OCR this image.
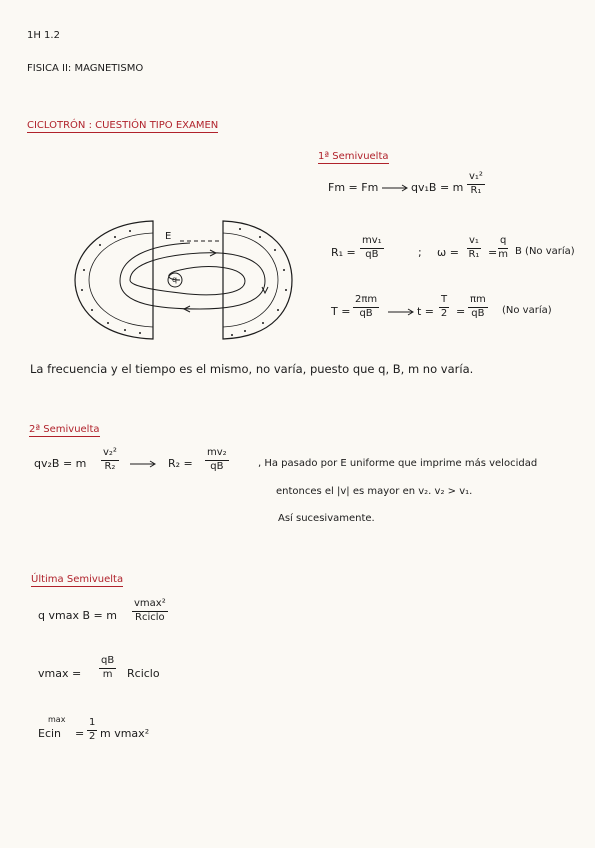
1H 1.2
FISICA II: MAGNETISMO
CICLOTRÓN : CUESTIÓN TIPO EXAMEN
1ª Semivuelta
Fm = Fm	qv₁B = m $\frac{\text{v₁²}}{\text{R₁}}$
$R_1 = \frac{\text{mv₁}}{qB}$	; $\omega = \frac{\text{v₁}}{\text{R₁}} = \frac{q}{m}$ B (No varía)
$T = \frac{2\pi m}{qB}$	$t = \frac{T}{2} = \frac{\pi m}{qB} (No$ varía)
E
q
La frecuencia y el tiempo es el mismo, no varía, puesto que q, B, m no varía.
2ª Semivuelta
qv₂B = m $\frac{\text{v₂²}}{\text{R₂}}$	$R_2 = \frac{\text{mv₂}}{qB}$	, Ha pasado por E uniforme que imprime más velocidad
entonces el |v| es mayor en v₂. v₂ > v₁.
Así sucesivamente.
Última Semivuelta
q vmax B = m
vmax²
Rciclo
$vmax = \frac{qB}{m}$ Rciclo
max
Ecin = $\frac{1}{2}$ m vmax²
